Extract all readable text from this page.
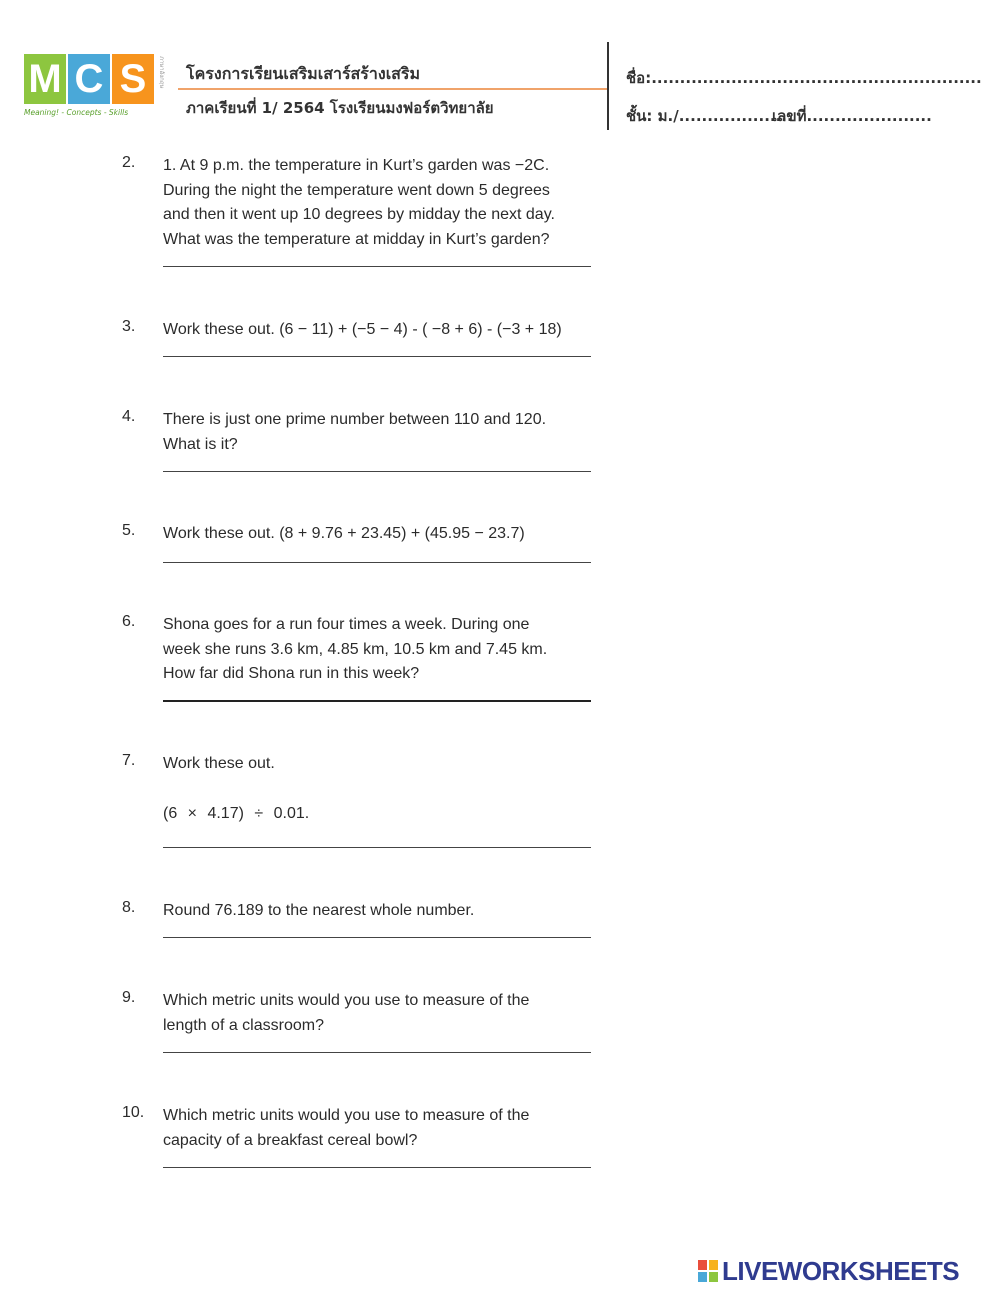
M C S	ภาษาอังกฤษ
Meaning! - Concepts - Skills
โครงการเรียนเสริมเสาร์สร้างเสริม
ภาคเรียนที่ 1/ 2564 โรงเรียนมงฟอร์ตวิทยาลัย
ชื่อ:..........................................................
ชั้น: ม./....................
เลขที่......................
2. 1. At 9 p.m. the temperature in Kurt’s garden was −2C.
During the night the temperature went down 5 degrees
and then it went up 10 degrees by midday the next day.
What was the temperature at midday in Kurt’s garden?
3. Work these out. (6 − 11) + (−5 − 4) - ( −8 + 6) - (−3 + 18)
4. There is just one prime number between 110 and 120.
What is it?
5. Work these out. (8 + 9.76 + 23.45) + (45.95 − 23.7)
6. Shona goes for a run four times a week. During one
week she runs 3.6 km, 4.85 km, 10.5 km and 7.45 km.
How far did Shona run in this week?
7. Work these out.
(6 × 4.17) ÷ 0.01.
8. Round 76.189 to the nearest whole number.
9. Which metric units would you use to measure of the
length of a classroom?
10. Which metric units would you use to measure of the
capacity of a breakfast cereal bowl?
LIVEWORKSHEETS
